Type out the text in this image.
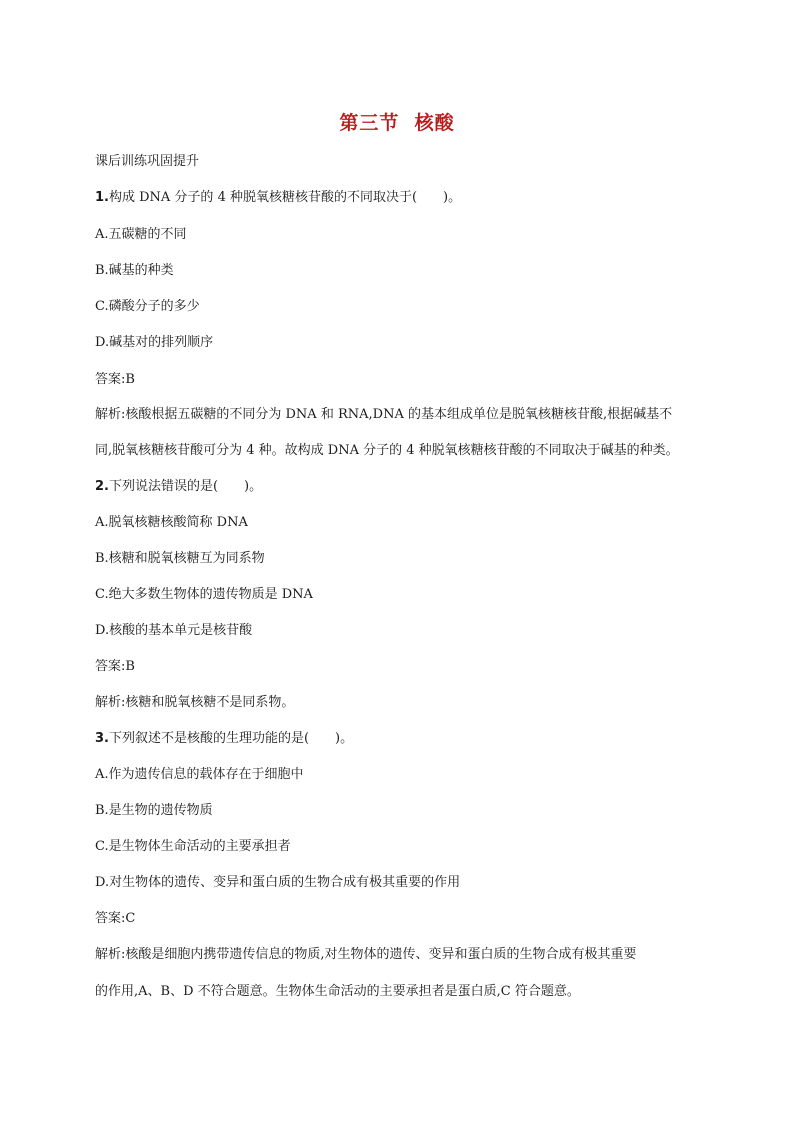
第三节  核酸
课后训练巩固提升
1.构成 DNA 分子的 4 种脱氧核糖核苷酸的不同取决于(　　)。
A.五碳糖的不同
B.碱基的种类
C.磷酸分子的多少
D.碱基对的排列顺序
答案:B
解析:核酸根据五碳糖的不同分为 DNA 和 RNA,DNA 的基本组成单位是脱氧核糖核苷酸,根据碱基不
同,脱氧核糖核苷酸可分为 4 种。故构成 DNA 分子的 4 种脱氧核糖核苷酸的不同取决于碱基的种类。
2.下列说法错误的是(　　)。
A.脱氧核糖核酸简称 DNA
B.核糖和脱氧核糖互为同系物
C.绝大多数生物体的遗传物质是 DNA
D.核酸的基本单元是核苷酸
答案:B
解析:核糖和脱氧核糖不是同系物。
3.下列叙述不是核酸的生理功能的是(　　)。
A.作为遗传信息的载体存在于细胞中
B.是生物的遗传物质
C.是生物体生命活动的主要承担者
D.对生物体的遗传、变异和蛋白质的生物合成有极其重要的作用
答案:C
解析:核酸是细胞内携带遗传信息的物质,对生物体的遗传、变异和蛋白质的生物合成有极其重要
的作用,A、B、D 不符合题意。生物体生命活动的主要承担者是蛋白质,C 符合题意。
